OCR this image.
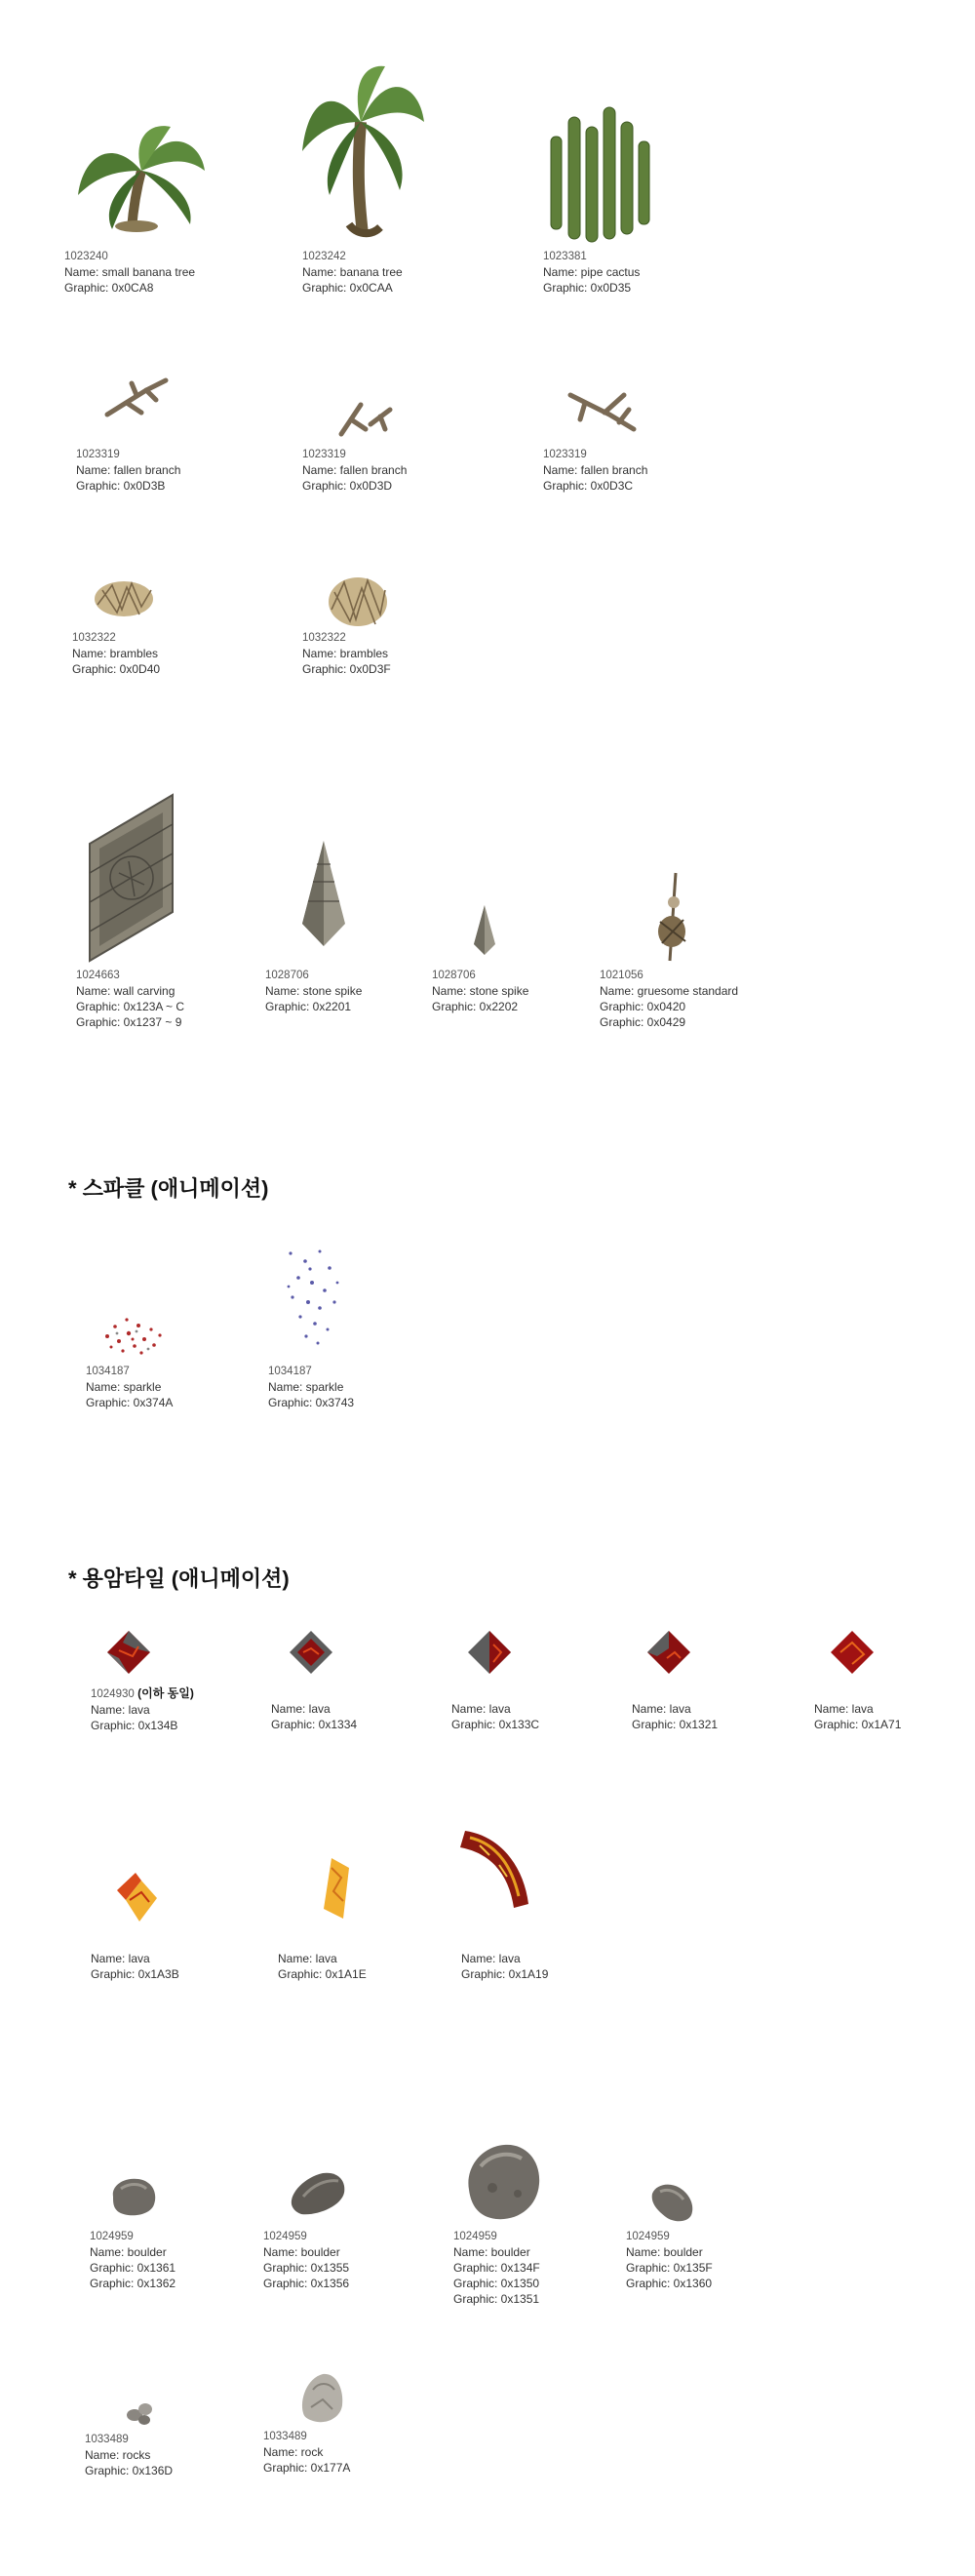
1023240
Name: small banana tree
Graphic: 0x0CA8
1023242
Name: banana tree
Graphic: 0x0CAA
1023381
Name: pipe cactus
Graphic: 0x0D35
1023319
Name: fallen branch
Graphic: 0x0D3B
1023319
Name: fallen branch
Graphic: 0x0D3D
1023319
Name: fallen branch
Graphic: 0x0D3C
1032322
Name: brambles
Graphic: 0x0D40
1032322
Name: brambles
Graphic: 0x0D3F
1024663
Name: wall carving
Graphic: 0x123A ~ C
Graphic: 0x1237 ~ 9
1028706
Name: stone spike
Graphic: 0x2201
1028706
Name: stone spike
Graphic: 0x2202
1021056
Name: gruesome standard
Graphic: 0x0420
Graphic: 0x0429
* 스파클 (애니메이션)
1034187
Name: sparkle
Graphic: 0x374A
1034187
Name: sparkle
Graphic: 0x3743
* 용암타일 (애니메이션)
1024930 (이하 동일)
Name: lava
Graphic: 0x134B
Name: lava
Graphic: 0x1334
Name: lava
Graphic: 0x133C
Name: lava
Graphic: 0x1321
Name: lava
Graphic: 0x1A71
Name: lava
Graphic: 0x1A3B
Name: lava
Graphic: 0x1A1E
Name: lava
Graphic: 0x1A19
1024959
Name: boulder
Graphic: 0x1361
Graphic: 0x1362
1024959
Name: boulder
Graphic: 0x1355
Graphic: 0x1356
1024959
Name: boulder
Graphic: 0x134F
Graphic: 0x1350
Graphic: 0x1351
1024959
Name: boulder
Graphic: 0x135F
Graphic: 0x1360
1033489
Name: rocks
Graphic: 0x136D
1033489
Name: rock
Graphic: 0x177A
